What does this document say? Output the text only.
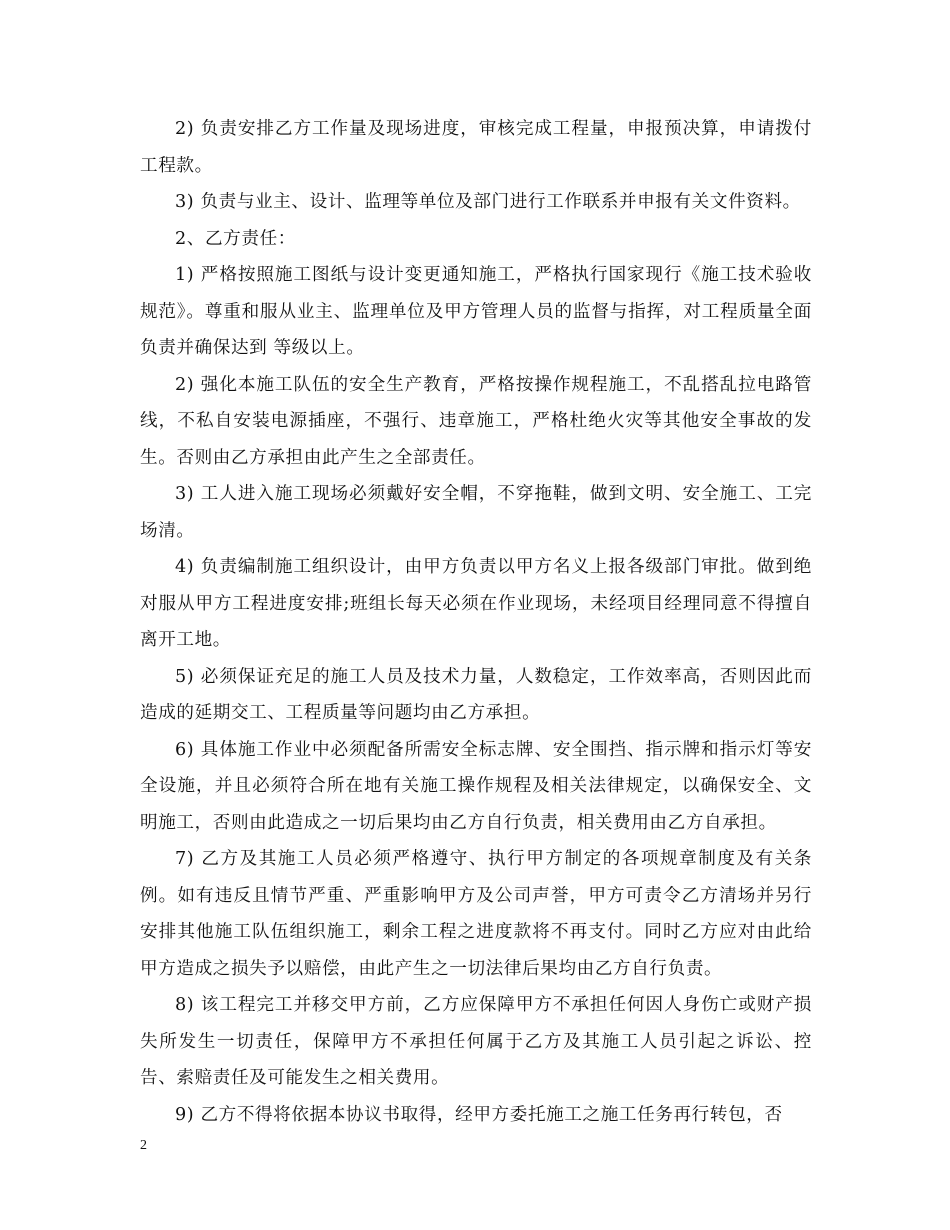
2) 负责安排乙方工作量及现场进度，审核完成工程量，申报预决算，申请拨付工程款。

3) 负责与业主、设计、监理等单位及部门进行工作联系并申报有关文件资料。

2、乙方责任：

1) 严格按照施工图纸与设计变更通知施工，严格执行国家现行《施工技术验收规范》。尊重和服从业主、监理单位及甲方管理人员的监督与指挥，对工程质量全面负责并确保达到 等级以上。

2) 强化本施工队伍的安全生产教育，严格按操作规程施工，不乱搭乱拉电路管线，不私自安装电源插座，不强行、违章施工，严格杜绝火灾等其他安全事故的发生。否则由乙方承担由此产生之全部责任。

3) 工人进入施工现场必须戴好安全帽，不穿拖鞋，做到文明、安全施工、工完场清。

4) 负责编制施工组织设计，由甲方负责以甲方名义上报各级部门审批。做到绝对服从甲方工程进度安排;班组长每天必须在作业现场，未经项目经理同意不得擅自离开工地。

5) 必须保证充足的施工人员及技术力量，人数稳定，工作效率高，否则因此而造成的延期交工、工程质量等问题均由乙方承担。

6) 具体施工作业中必须配备所需安全标志牌、安全围挡、指示牌和指示灯等安全设施，并且必须符合所在地有关施工操作规程及相关法律规定，以确保安全、文明施工，否则由此造成之一切后果均由乙方自行负责，相关费用由乙方自承担。

7) 乙方及其施工人员必须严格遵守、执行甲方制定的各项规章制度及有关条例。如有违反且情节严重、严重影响甲方及公司声誉，甲方可责令乙方清场并另行安排其他施工队伍组织施工，剩余工程之进度款将不再支付。同时乙方应对由此给甲方造成之损失予以赔偿，由此产生之一切法律后果均由乙方自行负责。

8) 该工程完工并移交甲方前，乙方应保障甲方不承担任何因人身伤亡或财产损失所发生一切责任，保障甲方不承担任何属于乙方及其施工人员引起之诉讼、控告、索赔责任及可能发生之相关费用。

9) 乙方不得将依据本协议书取得，经甲方委托施工之施工任务再行转包，否

2
